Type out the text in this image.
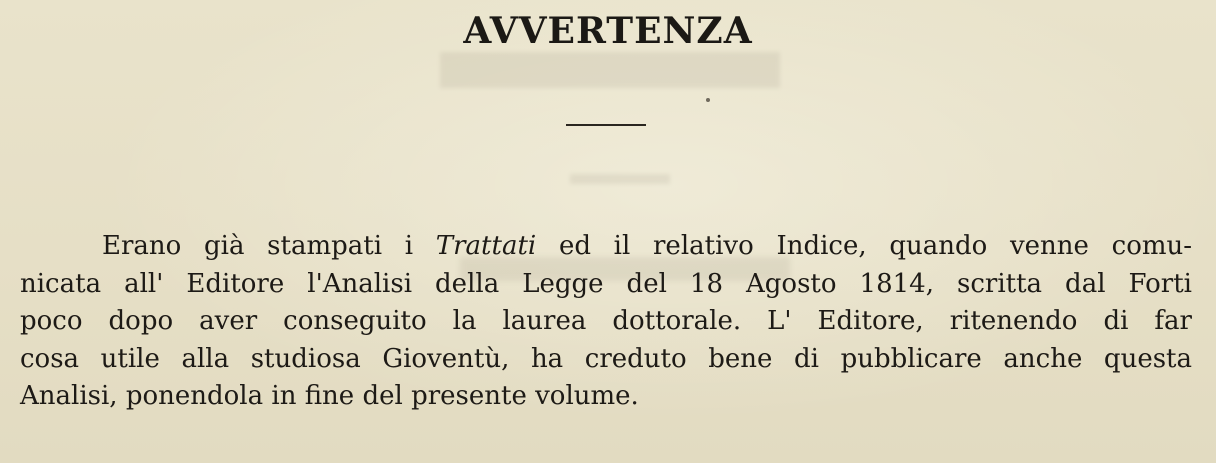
AVVERTENZA
Erano già stampati i Trattati ed il relativo Indice, quando venne comu-
nicata all' Editore l'Analisi della Legge del 18 Agosto 1814, scritta dal Forti
poco dopo aver conseguito la laurea dottorale. L' Editore, ritenendo di far
cosa utile alla studiosa Gioventù, ha creduto bene di pubblicare anche questa
Analisi, ponendola in fine del presente volume.
